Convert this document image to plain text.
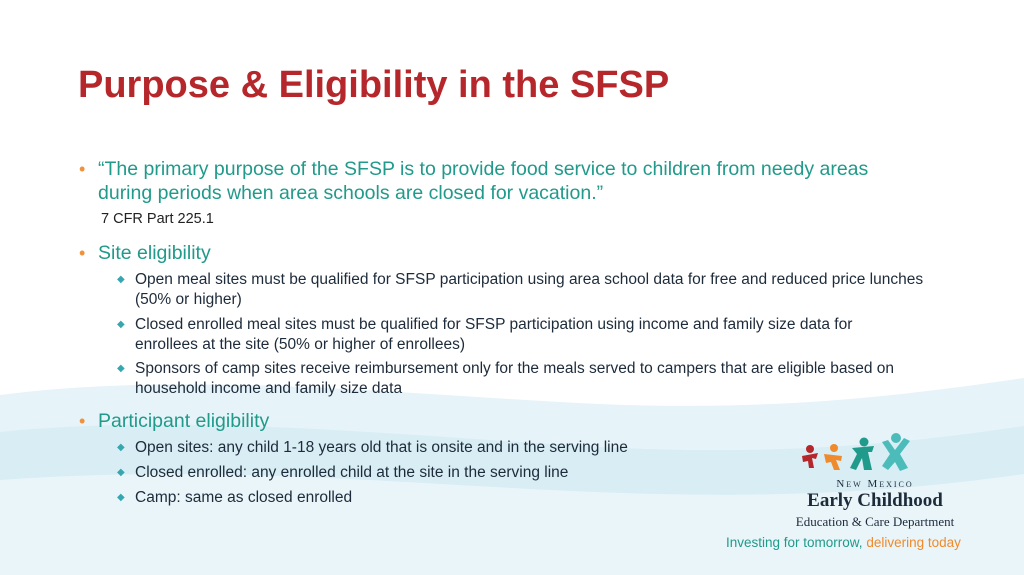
Purpose & Eligibility in the SFSP
• “The primary purpose of the SFSP is to provide food service to children from needy areas during periods when area schools are closed for vacation.”
7 CFR Part 225.1
• Site eligibility
◆ Open meal sites must be qualified for SFSP participation using area school data for free and reduced price lunches (50% or higher)
◆ Closed enrolled meal sites must be qualified for SFSP participation using income and family size data for enrollees at the site (50% or higher of enrollees)
◆ Sponsors of camp sites receive reimbursement only for the meals served to campers that are eligible based on household income and family size data
• Participant eligibility
◆ Open sites: any child 1-18 years old that is onsite and in the serving line
◆ Closed enrolled: any enrolled child at the site in the serving line
◆ Camp: same as closed enrolled
New Mexico
Early Childhood
Education & Care Department
Investing for tomorrow, delivering today
